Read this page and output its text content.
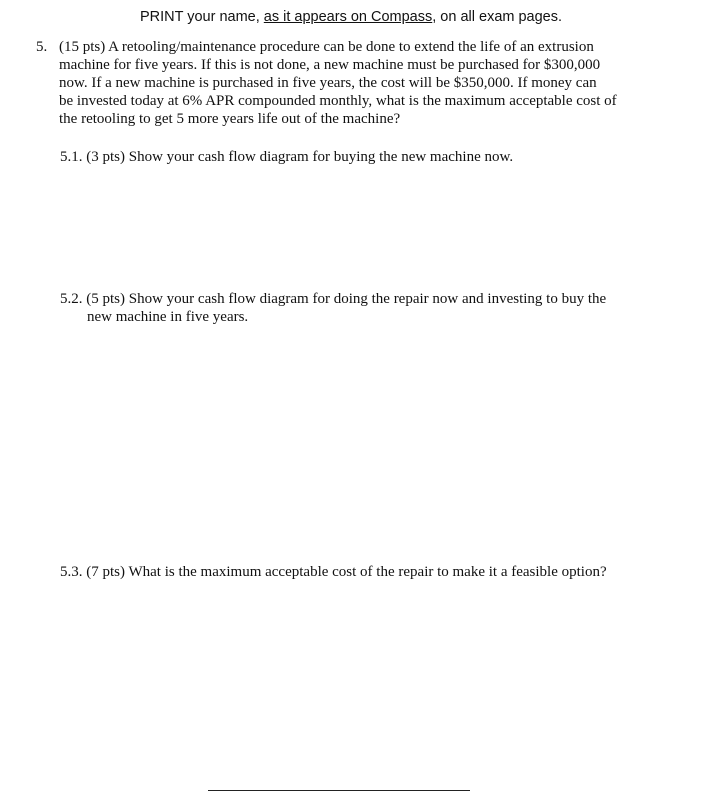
PRINT your name, as it appears on Compass, on all exam pages.
5. (15 pts) A retooling/maintenance procedure can be done to extend the life of an extrusion
machine for five years. If this is not done, a new machine must be purchased for $300,000
now. If a new machine is purchased in five years, the cost will be $350,000. If money can
be invested today at 6% APR compounded monthly, what is the maximum acceptable cost of
the retooling to get 5 more years life out of the machine?
5.1. (3 pts) Show your cash flow diagram for buying the new machine now.
5.2. (5 pts) Show your cash flow diagram for doing the repair now and investing to buy the
new machine in five years.
5.3. (7 pts) What is the maximum acceptable cost of the repair to make it a feasible option?
